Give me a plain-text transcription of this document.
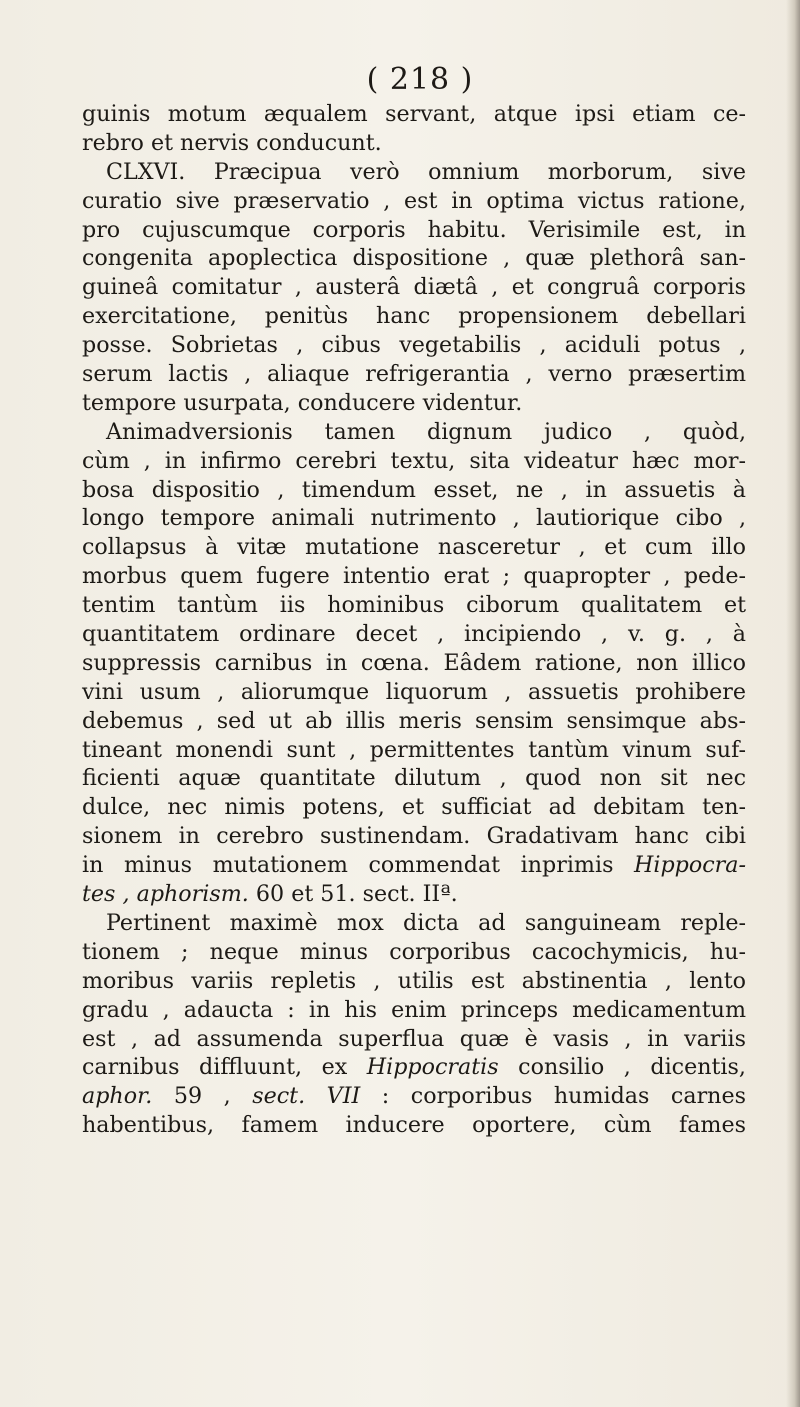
( 218 )
guinis motum æqualem servant, atque ipsi etiam ce-
rebro et nervis conducunt.
CLXVI. Præcipua verò omnium morborum, sive
curatio sive præservatio , est in optima victus ratione,
pro cujuscumque corporis habitu. Verisimile est, in
congenita apoplectica dispositione , quæ plethorâ san-
guineâ comitatur , austerâ diætâ , et congruâ corporis
exercitatione, penitùs hanc propensionem debellari
posse. Sobrietas , cibus vegetabilis , aciduli potus ,
serum lactis , aliaque refrigerantia , verno præsertim
tempore usurpata, conducere videntur.
Animadversionis tamen dignum judico , quòd,
cùm , in infirmo cerebri textu, sita videatur hæc mor-
bosa dispositio , timendum esset, ne , in assuetis à
longo tempore animali nutrimento , lautiorique cibo ,
collapsus à vitæ mutatione nasceretur , et cum illo
morbus quem fugere intentio erat ; quapropter , pede-
tentim tantùm iis hominibus ciborum qualitatem et
quantitatem ordinare decet , incipiendo , v. g. , à
suppressis carnibus in cœna. Eâdem ratione, non illico
vini usum , aliorumque liquorum , assuetis prohibere
debemus , sed ut ab illis meris sensim sensimque abs-
tineant monendi sunt , permittentes tantùm vinum suf-
ficienti aquæ quantitate dilutum , quod non sit nec
dulce, nec nimis potens, et sufficiat ad debitam ten-
sionem in cerebro sustinendam. Gradativam hanc cibi
in minus mutationem commendat inprimis Hippocra-
tes , aphorism. 60 et 51. sect. IIª.
Pertinent maximè mox dicta ad sanguineam reple-
tionem ; neque minus corporibus cacochymicis, hu-
moribus variis repletis , utilis est abstinentia , lento
gradu , adaucta : in his enim princeps medicamentum
est , ad assumenda superflua quæ è vasis , in variis
carnibus diffluunt, ex Hippocratis consilio , dicentis,
aphor. 59 , sect. VII : corporibus humidas carnes
habentibus, famem inducere oportere, cùm fames
